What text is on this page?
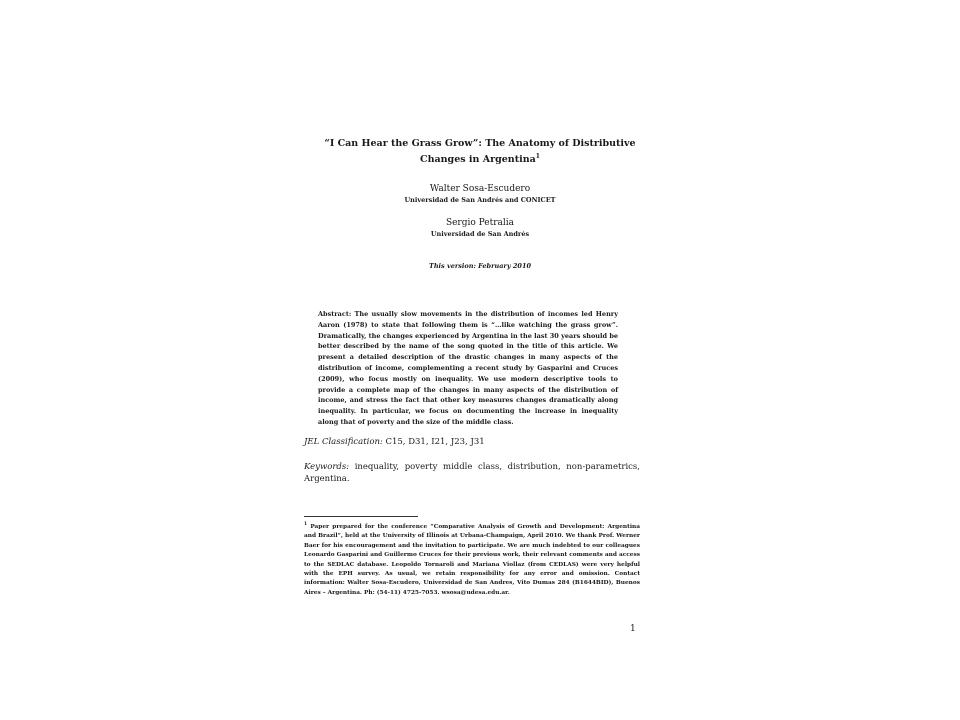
“I Can Hear the Grass Grow”: The Anatomy of Distributive Changes in Argentina$^1$
Walter Sosa-Escudero
Universidad de San Andrés and CONICET
Sergio Petralia
Universidad de San Andrés
This version: February 2010
Abstract: The usually slow movements in the distribution of incomes led Henry Aaron (1978) to state that following them is “…like watching the grass grow”. Dramatically, the changes experienced by Argentina in the last 30 years should be better described by the name of the song quoted in the title of this article. We present a detailed description of the drastic changes in many aspects of the distribution of income, complementing a recent study by Gasparini and Cruces (2009), who focus mostly on inequality. We use modern descriptive tools to provide a complete map of the changes in many aspects of the distribution of income, and stress the fact that other key measures changes dramatically along inequality. In particular, we focus on documenting the increase in inequality along that of poverty and the size of the middle class.
JEL Classification: C15, D31, I21, J23, J31
Keywords: inequality, poverty middle class, distribution, non-parametrics, Argentina.
$^1$ Paper prepared for the conference “Comparative Analysis of Growth and Development: Argentina and Brazil”, held at the University of Illinois at Urbana-Champaign, April 2010. We thank Prof. Werner Baer for his encouragement and the invitation to participate. We are much indebted to our colleagues Leonardo Gasparini and Guillermo Cruces for their previous work, their relevant comments and access to the SEDLAC database. Leopoldo Tornaroli and Mariana Viollaz (from CEDLAS) were very helpful with the EPH survey. As usual, we retain responsibility for any error and omission. Contact information: Walter Sosa-Escudero, Universidad de San Andres, Vito Dumas 284 (B1644BID), Buenos Aires – Argentina. Ph: (54-11) 4725-7053. wsosa@udesa.edu.ar.
1
